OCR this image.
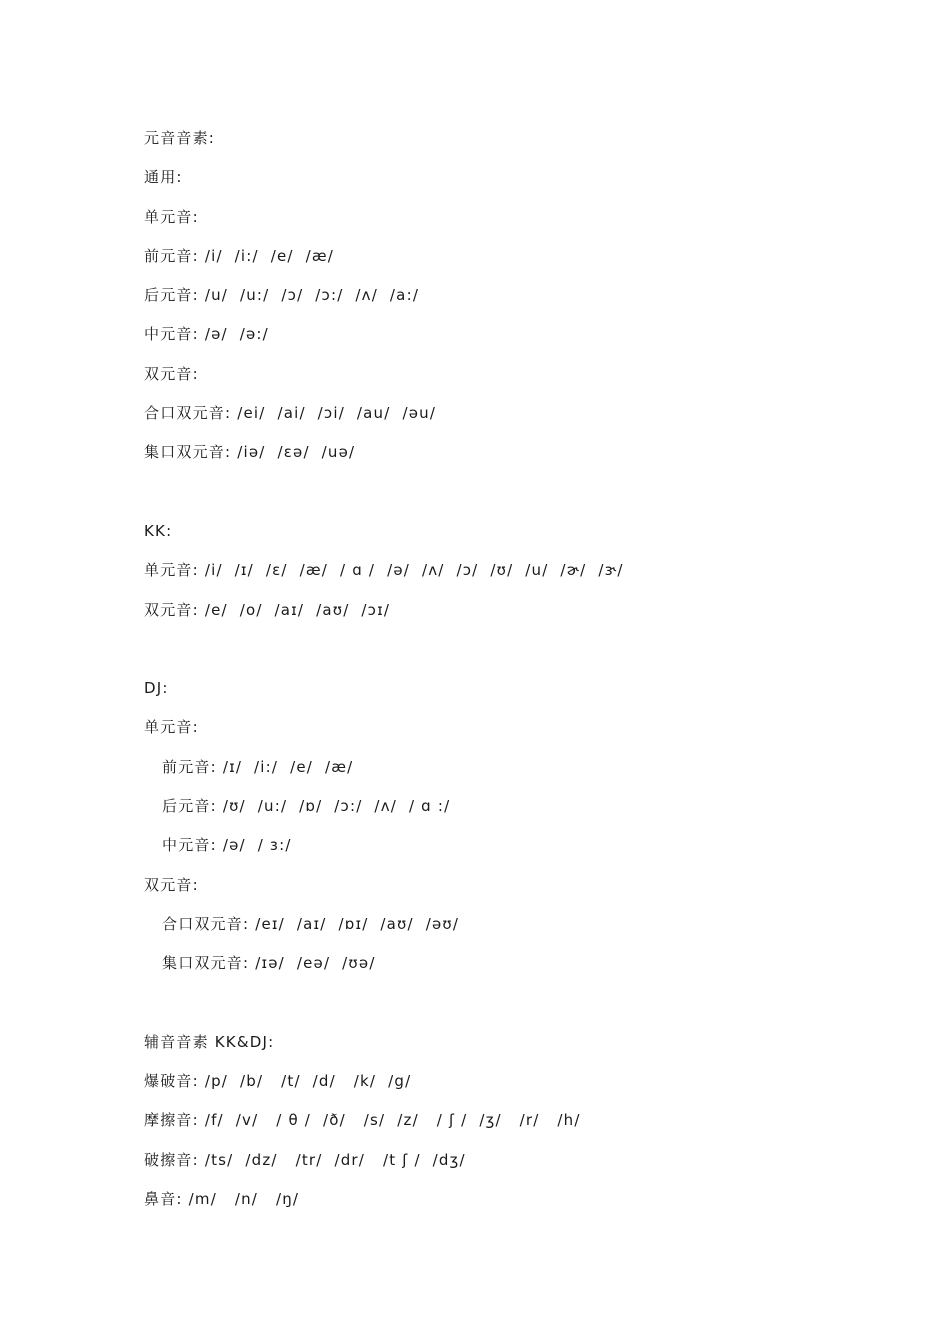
元音音素:
通用:
单元音:
前元音: /i/  /i:/  /e/  /æ/
后元音: /u/  /u:/  /ɔ/  /ɔ:/  /ʌ/  /a:/
中元音: /ə/  /ə:/
双元音:
合口双元音: /ei/  /ai/  /ɔi/  /au/  /əu/
集口双元音: /iə/  /εə/  /uə/
KK:
单元音: /i/  /ɪ/  /ɛ/  /æ/  / ɑ /  /ə/  /ʌ/  /ɔ/  /ʊ/  /u/  /ɚ/  /ɝ/
双元音: /e/  /o/  /aɪ/  /aʊ/  /ɔɪ/
DJ:
单元音:
前元音: /ɪ/  /i:/  /e/  /æ/
后元音: /ʊ/  /u:/  /ɒ/  /ɔ:/  /ʌ/  / ɑ :/
中元音: /ə/  / ɜ:/
双元音:
合口双元音: /eɪ/  /aɪ/  /ɒɪ/  /aʊ/  /əʊ/
集口双元音: /ɪə/  /eə/  /ʊə/
辅音音素 KK&DJ:
爆破音: /p/  /b/   /t/  /d/   /k/  /g/
摩擦音: /f/  /v/   / θ /  /ð/   /s/  /z/   / ʃ /  /ʒ/   /r/   /h/
破擦音: /ts/  /dz/   /tr/  /dr/   /t ʃ /  /dʒ/
鼻音: /m/   /n/   /ŋ/
